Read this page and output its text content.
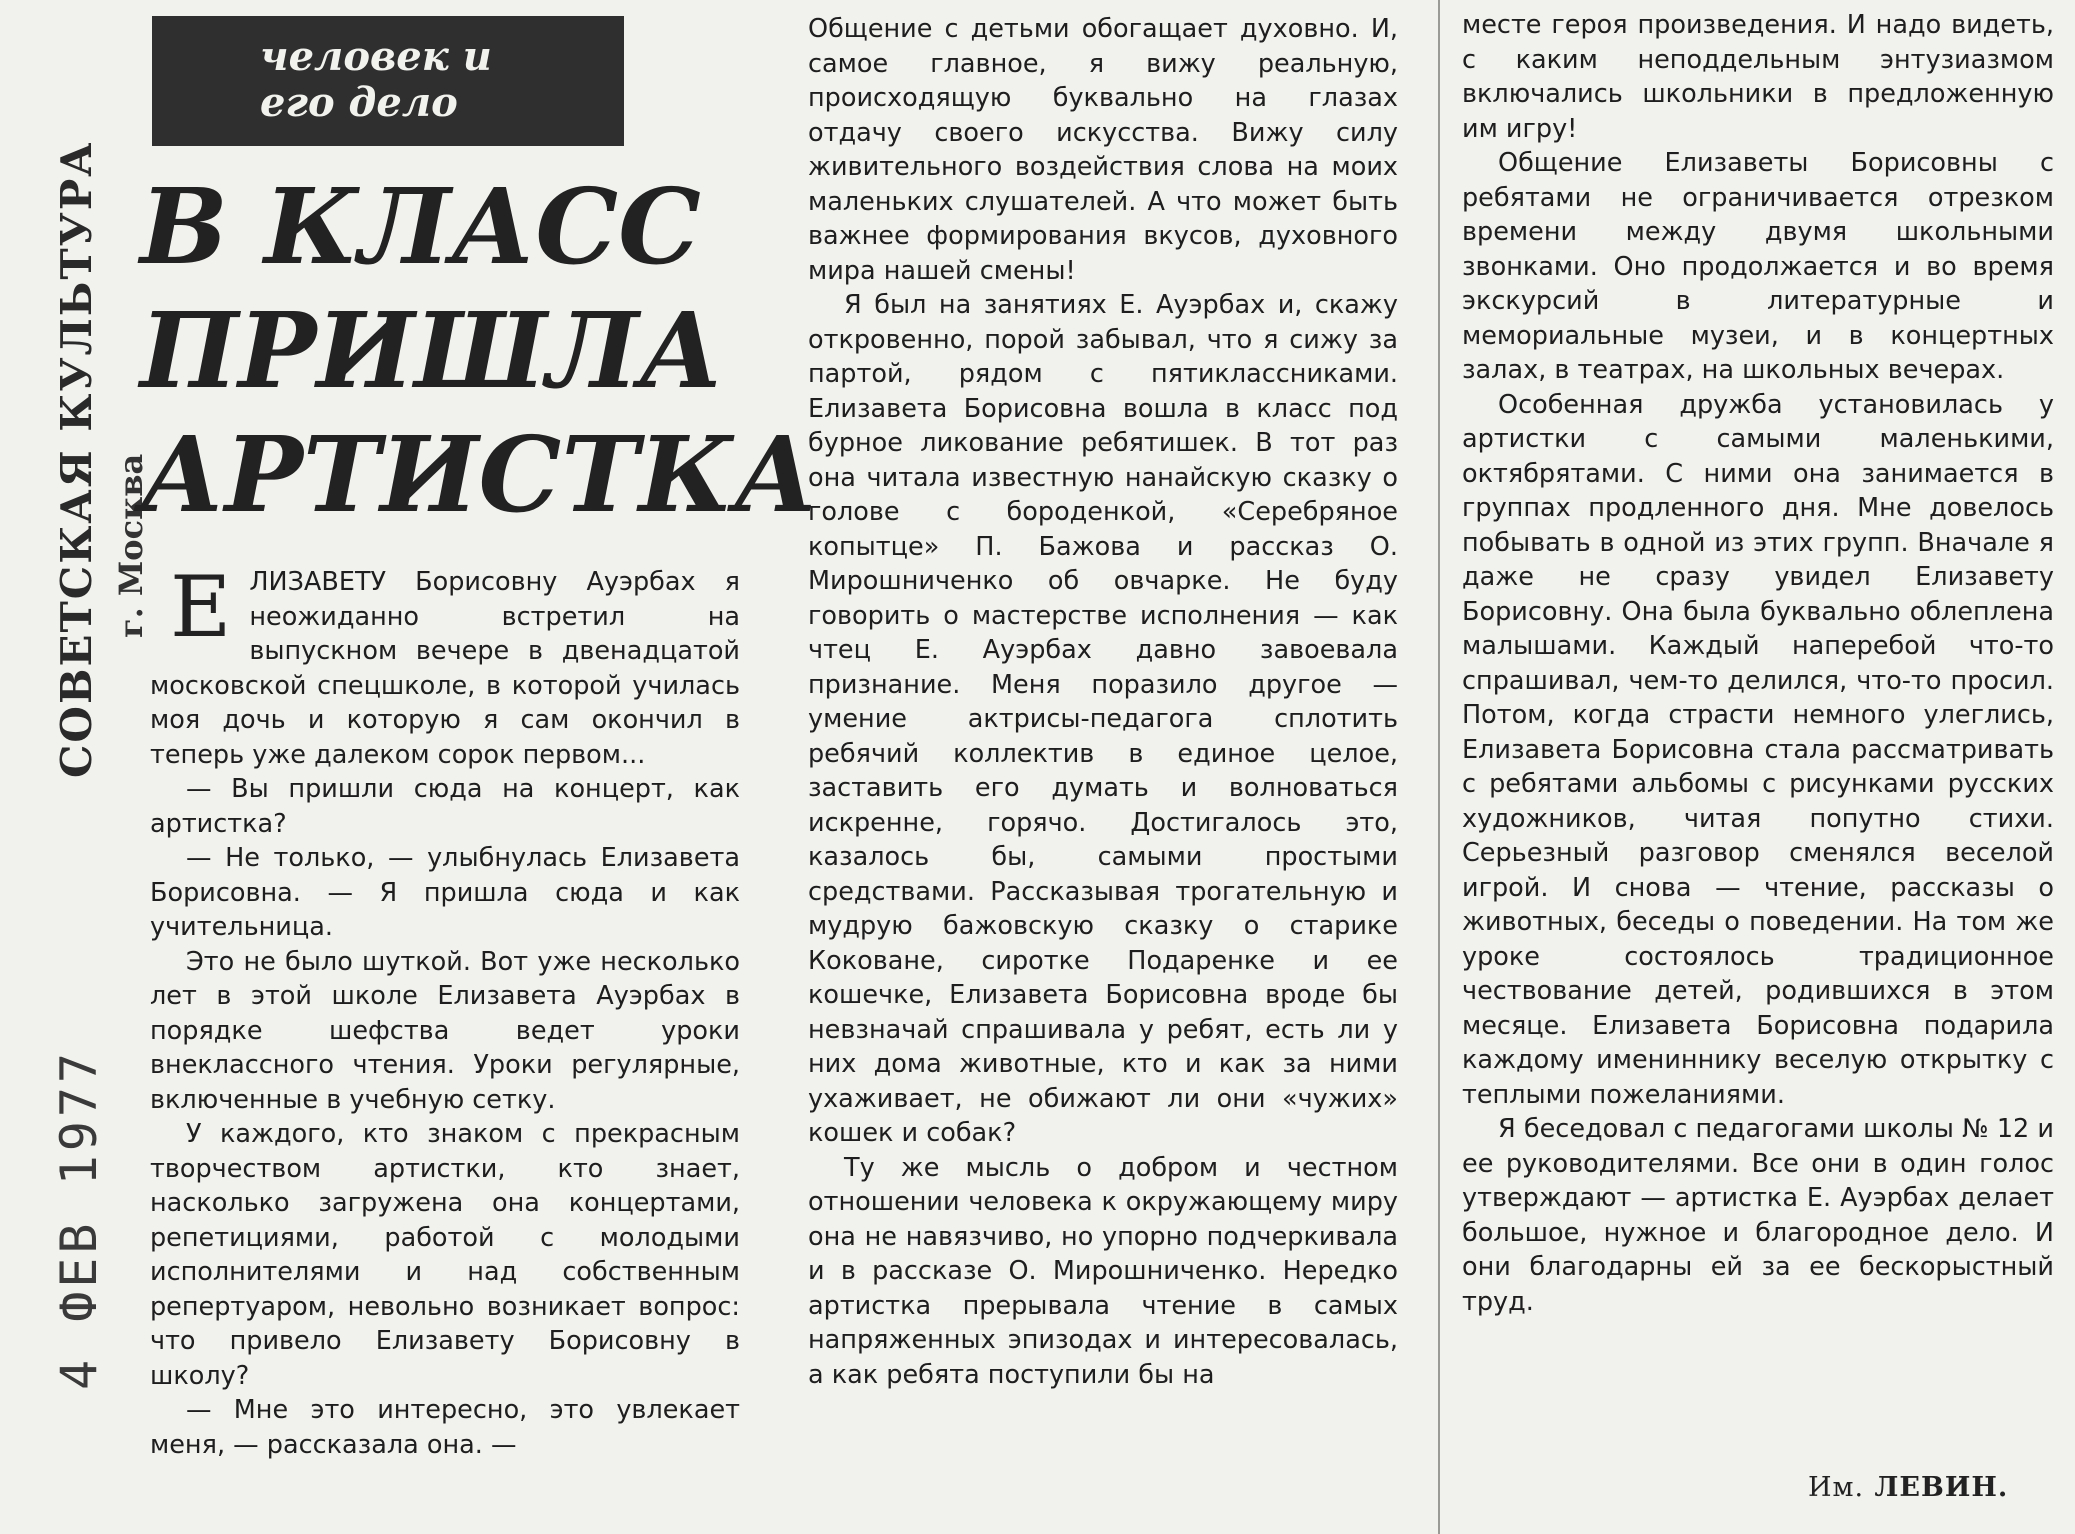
СОВЕТСКАЯ КУЛЬТУРА г. Москва
4 ФЕВ 1977
человек и
его дело
В КЛАСС
ПРИШЛА
АРТИСТКА

ЕЛИЗАВЕТУ Борисовну Ауэрбах я неожиданно встретил на выпускном вечере в двенадцатой московской спецшколе, в которой училась моя дочь и которую я сам окончил в теперь уже далеком сорок первом...

— Вы пришли сюда на концерт, как артистка?

— Не только, — улыбнулась Елизавета Борисовна. — Я пришла сюда и как учительница.

Это не было шуткой. Вот уже несколько лет в этой школе Елизавета Ауэрбах в порядке шефства ведет уроки внеклассного чтения. Уроки регулярные, включенные в учебную сетку.

У каждого, кто знаком с прекрасным творчеством артистки, кто знает, насколько загружена она концертами, репетициями, работой с молодыми исполнителями и над собственным репертуаром, невольно возникает вопрос: что привело Елизавету Борисовну в школу?

— Мне это интересно, это увлекает меня, — рассказала она. —

Общение с детьми обогащает духовно. И, самое главное, я вижу реальную, происходящую буквально на глазах отдачу своего искусства. Вижу силу живительного воздействия слова на моих маленьких слушателей. А что может быть важнее формирования вкусов, духовного мира нашей смены!

Я был на занятиях Е. Ауэрбах и, скажу откровенно, порой забывал, что я сижу за партой, рядом с пятиклассниками. Елизавета Борисовна вошла в класс под бурное ликование ребятишек. В тот раз она читала известную нанайскую сказку о голове с бороденкой, «Серебряное копытце» П. Бажова и рассказ О. Мирошниченко об овчарке. Не буду говорить о мастерстве исполнения — как чтец Е. Ауэрбах давно завоевала признание. Меня поразило другое — умение актрисы-педагога сплотить ребячий коллектив в единое целое, заставить его думать и волноваться искренне, горячо. Достигалось это, казалось бы, самыми простыми средствами. Рассказывая трогательную и мудрую бажовскую сказку о старике Коковане, сиротке Подаренке и ее кошечке, Елизавета Борисовна вроде бы невзначай спрашивала у ребят, есть ли у них дома животные, кто и как за ними ухаживает, не обижают ли они «чужих» кошек и собак?

Ту же мысль о добром и честном отношении человека к окружающему миру она не навязчиво, но упорно подчеркивала и в рассказе О. Мирошниченко. Нередко артистка прерывала чтение в самых напряженных эпизодах и интересовалась, а как ребята поступили бы на

месте героя произведения. И надо видеть, с каким неподдельным энтузиазмом включались школьники в предложенную им игру!

Общение Елизаветы Борисовны с ребятами не ограничивается отрезком времени между двумя школьными звонками. Оно продолжается и во время экскурсий в литературные и мемориальные музеи, и в концертных залах, в театрах, на школьных вечерах.

Особенная дружба установилась у артистки с самыми маленькими, октябрятами. С ними она занимается в группах продленного дня. Мне довелось побывать в одной из этих групп. Вначале я даже не сразу увидел Елизавету Борисовну. Она была буквально облеплена малышами. Каждый наперебой что-то спрашивал, чем-то делился, что-то просил. Потом, когда страсти немного улеглись, Елизавета Борисовна стала рассматривать с ребятами альбомы с рисунками русских художников, читая попутно стихи. Серьезный разговор сменялся веселой игрой. И снова — чтение, рассказы о животных, беседы о поведении. На том же уроке состоялось традиционное чествование детей, родившихся в этом месяце. Елизавета Борисовна подарила каждому имениннику веселую открытку с теплыми пожеланиями.

Я беседовал с педагогами школы № 12 и ее руководителями. Все они в один голос утверждают — артистка Е. Ауэрбах делает большое, нужное и благородное дело. И они благодарны ей за ее бескорыстный труд.

Им. ЛЕВИН.
